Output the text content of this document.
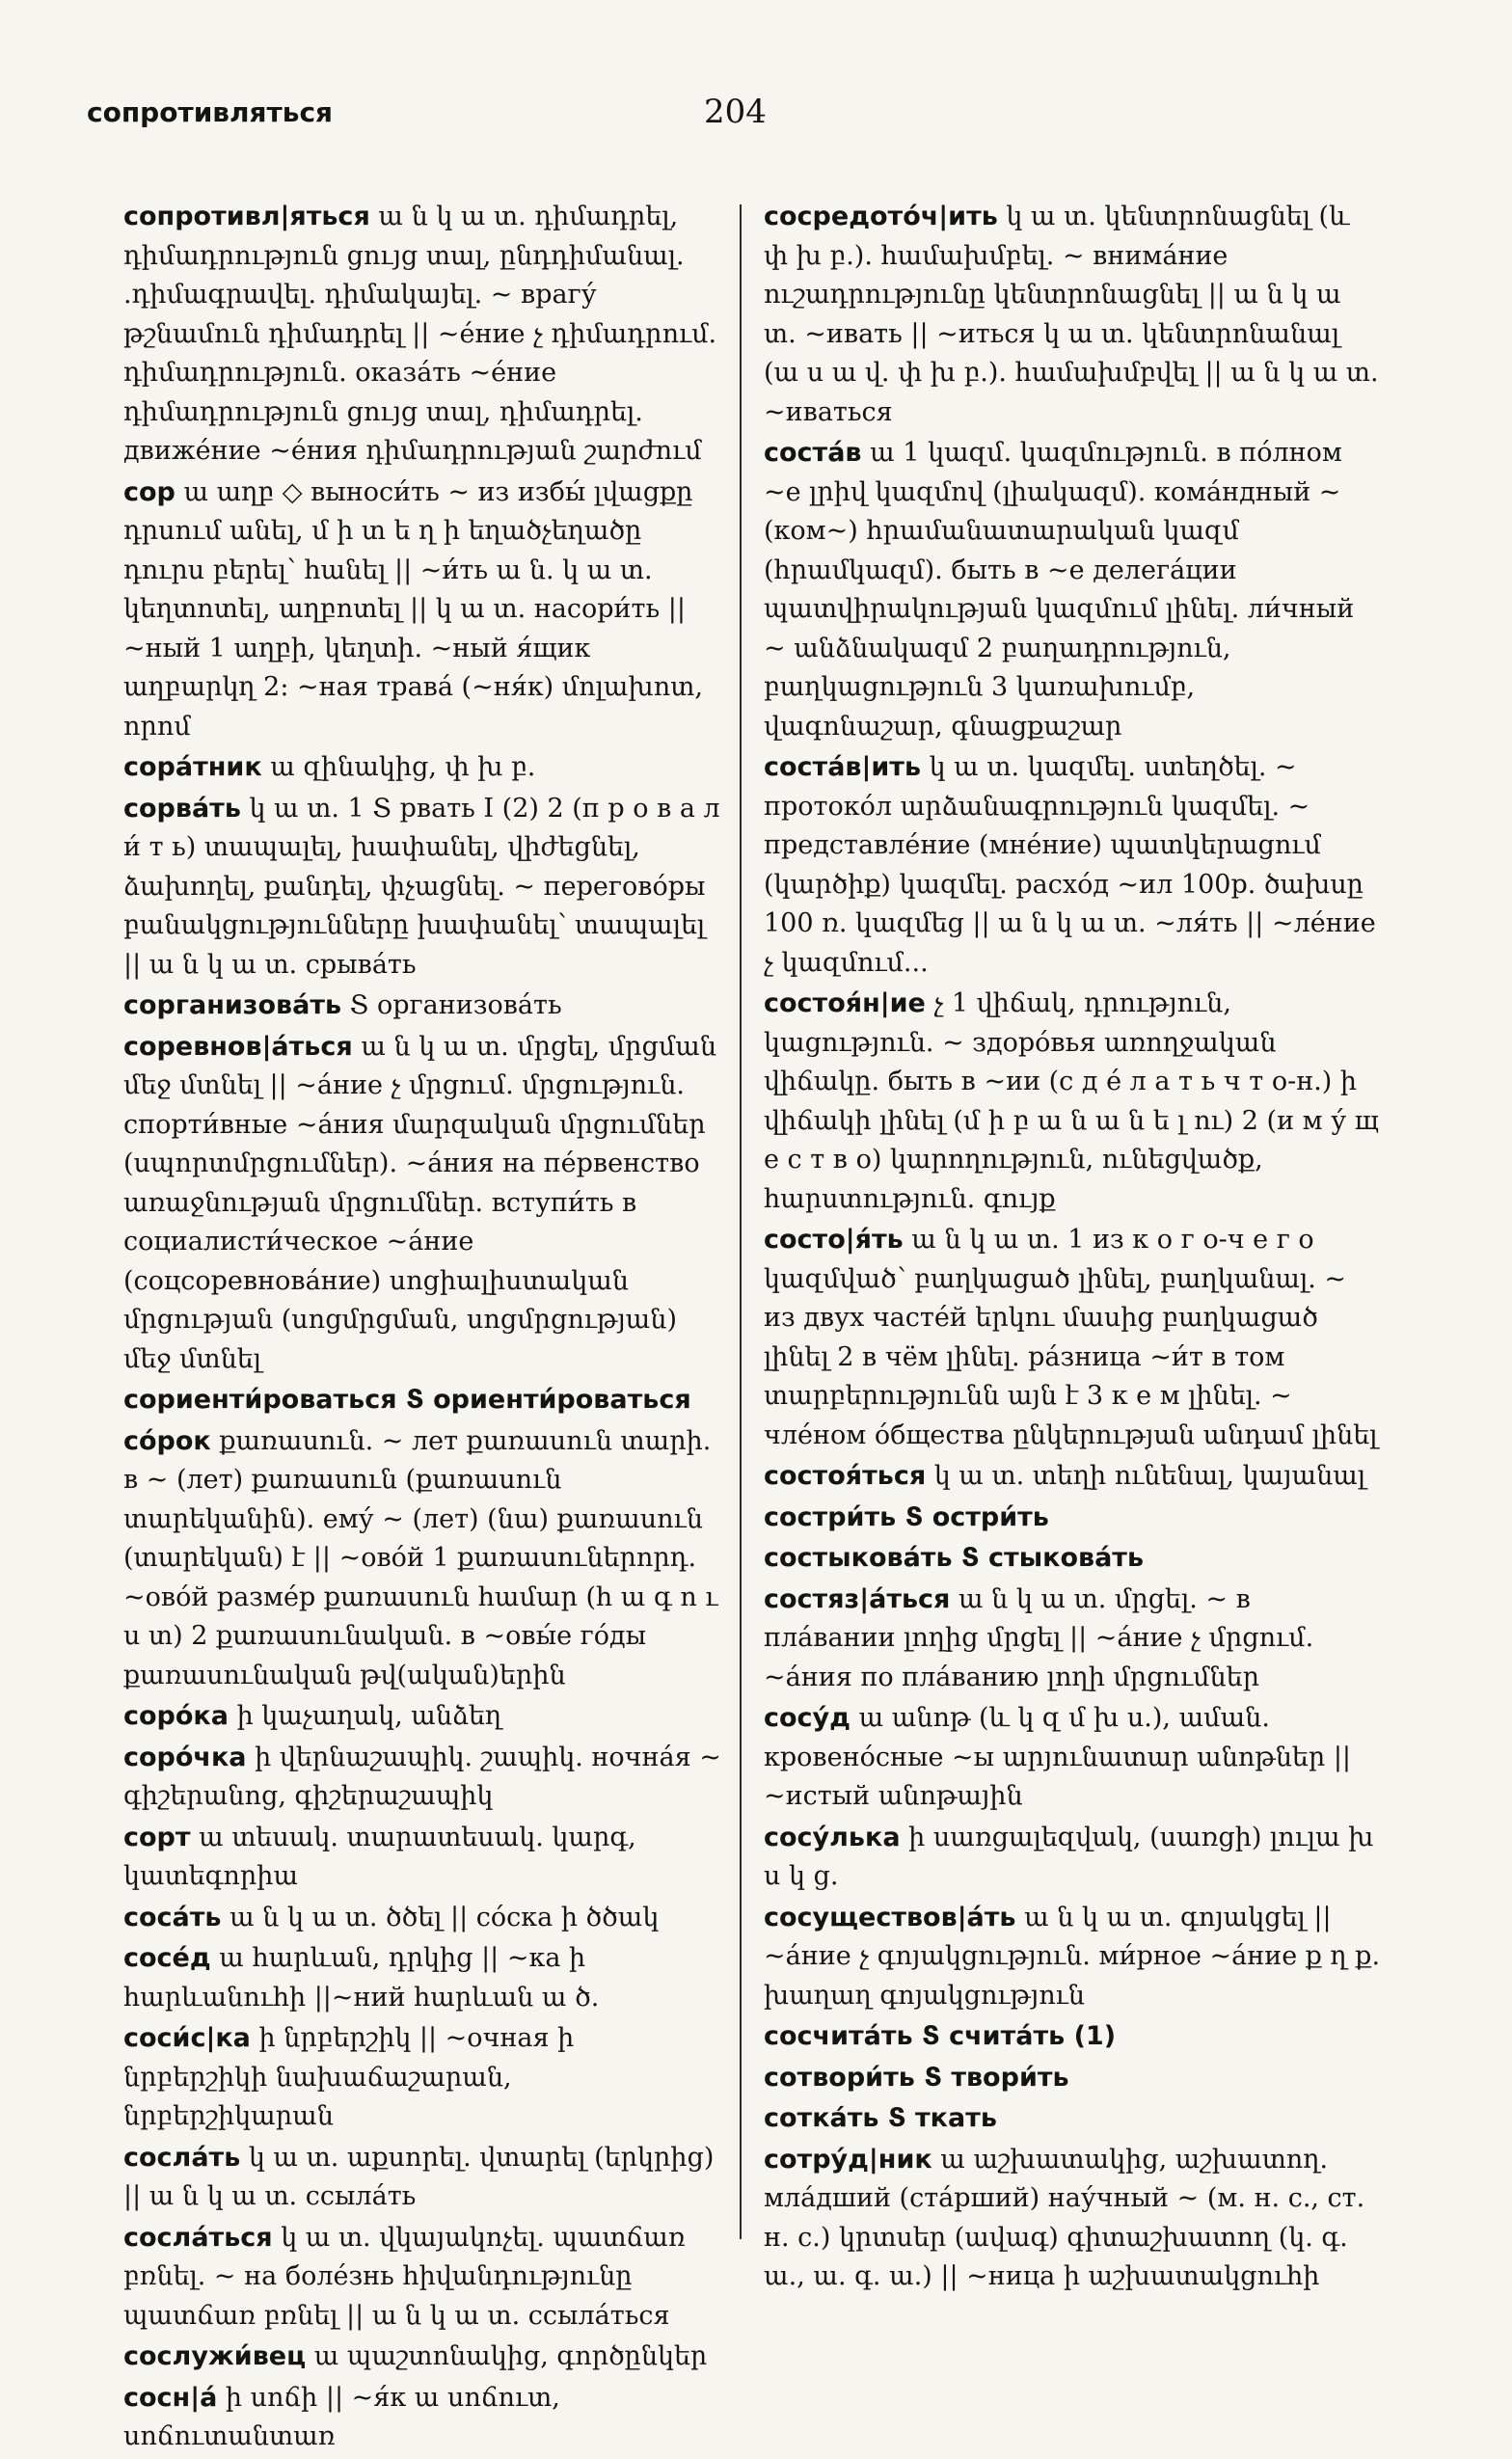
сопротивляться	204

сопротивл|яться ա ն կ ա տ. դիմադրել, դիմադրություն ցույց տալ, ընդդիմանալ. .դիմագրավել. դիմակայել. ~ врагу́ թշնամուն դիմադրել || ~е́ние չ դիմադրում. դիմադրություն. оказа́ть ~е́ние դիմադրություն ցույց տալ, դիմադրել. движе́ние ~е́ния դիմադրության շարժում

сор ա աղբ ◇ выноси́ть ~ из избы́ լվացքը դրսում անել, մ ի տ ե ղ ի եղածչեղածը դուրս բերել՝ հանել || ~и́ть ա ն. կ ա տ. կեղտոտել, աղբոտել || կ ա տ. насори́ть || ~ный 1 աղբի, կեղտի. ~ный я́щик աղբարկղ 2: ~ная трава́ (~ня́к) մոլախոտ, որոմ

сора́тник ա զինակից, փ խ բ.

сорва́ть կ ա տ. 1 Տ рвать I (2) 2 (п р о в а л и́ т ь) տապալել, խափանել, վիժեցնել, ձախողել, քանդել, փչացնել. ~ перегово́ры բանակցությունները խափանել՝ տապալել || ա ն կ ա տ. срыва́ть

сорганизова́ть Տ организова́ть

соревнов|а́ться ա ն կ ա տ. մրցել, մրցման մեջ մտնել || ~а́ние չ մրցում. մրցություն. спорти́вные ~а́ния մարզական մրցումներ (սպորտմրցումներ). ~а́ния на пе́рвенство առաջնության մրցումներ. вступи́ть в социалисти́ческое ~а́ние (соцсоревнова́ние) սոցիալիստական մրցության (սոցմրցման, սոցմրցության) մեջ մտնել

сориенти́роваться Տ ориенти́роваться

со́рок քառասուն. ~ лет քառասուն տարի. в ~ (лет) քառասուն (քառասուն տարեկանին). ему́ ~ (лет) (նա) քառասուն (տարեկան) է || ~ово́й 1 քառասուներորդ. ~ово́й разме́р քառասուն համար (հ ա գ ո ւ ս տ) 2 քառասունական. в ~овы́е го́ды քառասունական թվ(ական)երին

соро́ка ի կաչաղակ, անձեղ

соро́чка ի վերնաշապիկ. շապիկ. ночна́я ~ գիշերանոց, գիշերաշապիկ

сорт ա տեսակ. տարատեսակ. կարգ, կատեգորիա

соса́ть ա ն կ ա տ. ծծել || со́ска ի ծծակ

сосе́д ա հարևան, դրկից || ~ка ի հարևանուհի ||~ний հարևան ա ծ.

соси́с|ка ի նրբերշիկ || ~очная ի նրբերշիկի նախաճաշարան, նրբերշիկարան

сосла́ть կ ա տ. աքսորել. վտարել (երկրից) || ա ն կ ա տ. ссыла́ть

сосла́ться կ ա տ. վկայակոչել. պատճառ բռնել. ~ на боле́знь հիվանդությունը պատճառ բռնել || ա ն կ ա տ. ссыла́ться

сослужи́вец ա պաշտոնակից, գործընկեր

сосн|а́ ի սոճի || ~я́к ա սոճուտ, սոճուտանտառ

сосредото́ч|ить կ ա տ. կենտրոնացնել (և փ խ բ.). համախմբել. ~ внима́ние ուշադրությունը կենտրոնացնել || ա ն կ ա տ. ~ивать || ~иться կ ա տ. կենտրոնանալ (ա ս ա վ. փ խ բ.). համախմբվել || ա ն կ ա տ. ~иваться

соста́в ա 1 կազմ. կազմություն. в по́лном ~е լրիվ կազմով (լիակազմ). кома́ндный ~ (ком~) հրամանատարական կազմ (հրամկազմ). быть в ~е делега́ции պատվիրակության կազմում լինել. ли́чный ~ անձնակազմ 2 բաղադրություն, բաղկացություն 3 կառախումբ, վագոնաշար, գնացքաշար

соста́в|ить կ ա տ. կազմել. ստեղծել. ~ протоко́л արձանագրություն կազմել. ~ представле́ние (мне́ние) պատկերացում (կարծիք) կազմել. расхо́д ~ил 100р. ծախսը 100 ռ. կազմեց || ա ն կ ա տ. ~ля́ть || ~ле́ние չ կազմում...

состоя́н|ие չ 1 վիճակ, դրություն, կացություն. ~ здоро́вья առողջական վիճակը. быть в ~ии (с д е́ л а т ь ч т о-н.) ի վիճակի լինել (մ ի բ ա ն ա ն ե լ ու) 2 (и м у́ щ е с т в о) կարողություն, ունեցվածք, հարստություն. գույք

состо|я́ть ա ն կ ա տ. 1 из к о г о-ч е г о կազմված՝ բաղկացած լինել, բաղկանալ. ~ из двух часте́й երկու մասից բաղկացած լինել 2 в чём լինել. ра́зница ~и́т в том տարբերությունն այն է 3 к е м լինել. ~ чле́ном о́бщества ընկերության անդամ լինել

состоя́ться կ ա տ. տեղի ունենալ, կայանալ

состри́ть Տ остри́ть

состыкова́ть Տ стыкова́ть

состяз|а́ться ա ն կ ա տ. մրցել. ~ в пла́вании լողից մրցել || ~а́ние չ մրցում. ~а́ния по пла́ванию լողի մրցումներ

сосу́д ա անոթ (և կ զ մ խ ս.), աման. кровено́сные ~ы արյունատար անոթներ || ~истый անոթային

сосу́лька ի սառցալեզվակ, (սառցի) լուլա խ ս կ ց.

сосуществов|а́ть ա ն կ ա տ. գոյակցել || ~а́ние չ գոյակցություն. ми́рное ~а́ние ք ղ ք. խաղաղ գոյակցություն

сосчита́ть Տ счита́ть (1)

сотвори́ть Տ твори́ть

соткáть Տ ткать

сотру́д|ник ա աշխատակից, աշխատող. мла́дший (ста́рший) нау́чный ~ (м. н. с., ст. н. с.) կրտսեր (ավագ) գիտաշխատող (կ. գ. ա., ա. գ. ա.) || ~ница ի աշխատակցուհի
